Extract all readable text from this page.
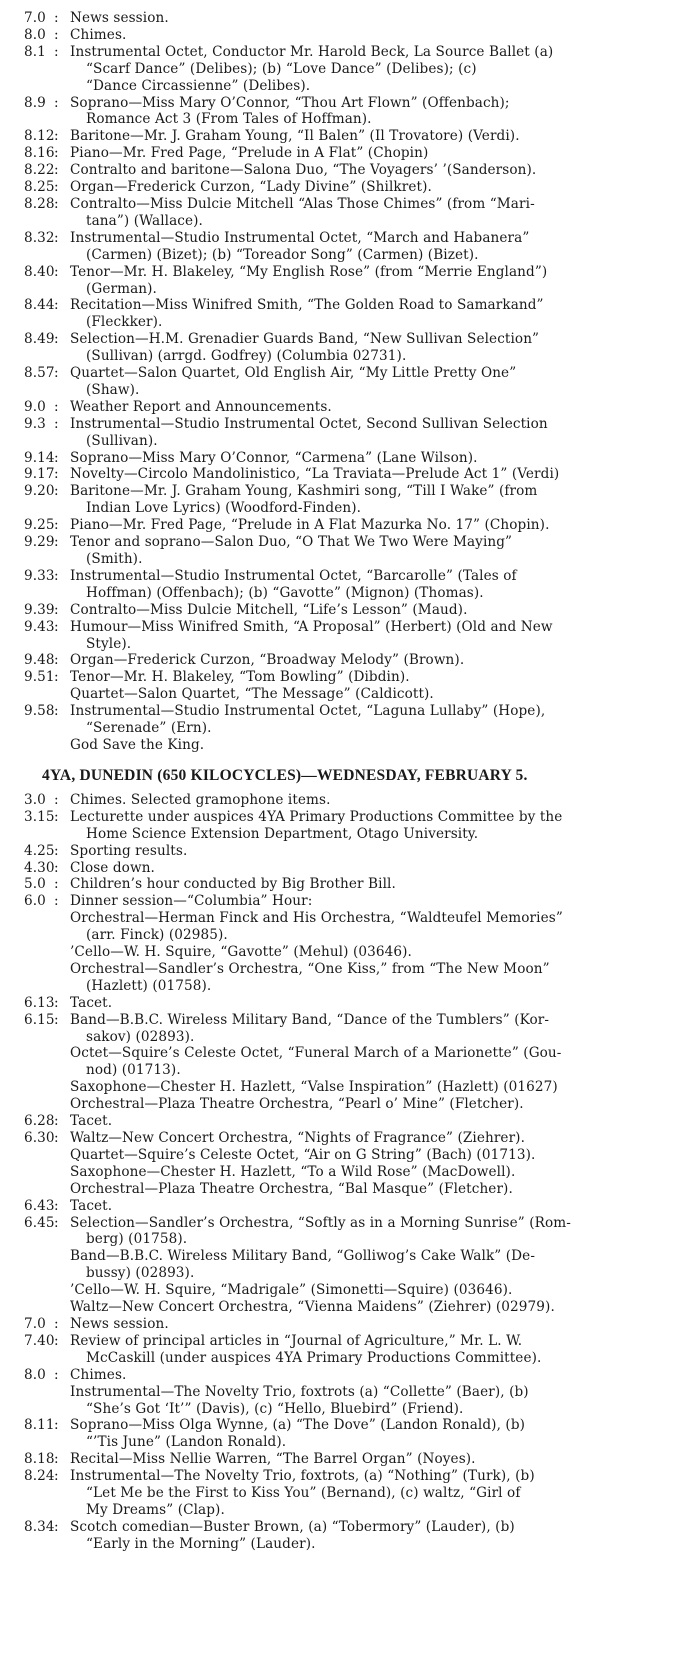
7.0 : News session.
8.0 : Chimes.
8.1 : Instrumental Octet, Conductor Mr. Harold Beck, La Source Ballet (a)
“Scarf Dance” (Delibes); (b) “Love Dance” (Delibes); (c)
“Dance Circassienne” (Delibes).
8.9 : Soprano—Miss Mary O’Connor, “Thou Art Flown” (Offenbach);
Romance Act 3 (From Tales of Hoffman).
8.12 : Baritone—Mr. J. Graham Young, “Il Balen” (Il Trovatore) (Verdi).
8.16 : Piano—Mr. Fred Page, “Prelude in A Flat” (Chopin)
8.22 : Contralto and baritone—Salona Duo, “The Voyagers’ ’(Sanderson).
8.25 : Organ—Frederick Curzon, “Lady Divine” (Shilkret).
8.28 : Contralto—Miss Dulcie Mitchell “Alas Those Chimes” (from “Mari-
tana”) (Wallace).
8.32 : Instrumental—Studio Instrumental Octet, “March and Habanera”
(Carmen) (Bizet); (b) “Toreador Song” (Carmen) (Bizet).
8.40 : Tenor—Mr. H. Blakeley, “My English Rose” (from “Merrie England”)
(German).
8.44 : Recitation—Miss Winifred Smith, “The Golden Road to Samarkand”
(Fleckker).
8.49 : Selection—H.M. Grenadier Guards Band, “New Sullivan Selection”
(Sullivan) (arrgd. Godfrey) (Columbia 02731).
8.57 : Quartet—Salon Quartet, Old English Air, “My Little Pretty One”
(Shaw).
9.0 : Weather Report and Announcements.
9.3 : Instrumental—Studio Instrumental Octet, Second Sullivan Selection
(Sullivan).
9.14 : Soprano—Miss Mary O’Connor, “Carmena” (Lane Wilson).
9.17 : Novelty—Circolo Mandolinistico, “La Traviata—Prelude Act 1” (Verdi)
9.20 : Baritone—Mr. J. Graham Young, Kashmiri song, “Till I Wake” (from
Indian Love Lyrics) (Woodford-Finden).
9.25 : Piano—Mr. Fred Page, “Prelude in A Flat Mazurka No. 17” (Chopin).
9.29 : Tenor and soprano—Salon Duo, “O That We Two Were Maying”
(Smith).
9.33 : Instrumental—Studio Instrumental Octet, “Barcarolle” (Tales of
Hoffman) (Offenbach); (b) “Gavotte” (Mignon) (Thomas).
9.39 : Contralto—Miss Dulcie Mitchell, “Life’s Lesson” (Maud).
9.43 : Humour—Miss Winifred Smith, “A Proposal” (Herbert) (Old and New
Style).
9.48 : Organ—Frederick Curzon, “Broadway Melody” (Brown).
9.51 : Tenor—Mr. H. Blakeley, “Tom Bowling” (Dibdin).
Quartet—Salon Quartet, “The Message” (Caldicott).
9.58 : Instrumental—Studio Instrumental Octet, “Laguna Lullaby” (Hope),
“Serenade” (Ern).
God Save the King.
4YA, DUNEDIN (650 KILOCYCLES)—WEDNESDAY, FEBRUARY 5.
3.0 : Chimes. Selected gramophone items.
3.15 : Lecturette under auspices 4YA Primary Productions Committee by the
Home Science Extension Department, Otago University.
4.25 : Sporting results.
4.30 : Close down.
5.0 : Children’s hour conducted by Big Brother Bill.
6.0 : Dinner session—“Columbia” Hour:
Orchestral—Herman Finck and His Orchestra, “Waldteufel Memories”
(arr. Finck) (02985).
’Cello—W. H. Squire, “Gavotte” (Mehul) (03646).
Orchestral—Sandler’s Orchestra, “One Kiss,” from “The New Moon”
(Hazlett) (01758).
6.13 : Tacet.
6.15 : Band—B.B.C. Wireless Military Band, “Dance of the Tumblers” (Kor-
sakov) (02893).
Octet—Squire’s Celeste Octet, “Funeral March of a Marionette” (Gou-
nod) (01713).
Saxophone—Chester H. Hazlett, “Valse Inspiration” (Hazlett) (01627)
Orchestral—Plaza Theatre Orchestra, “Pearl o’ Mine” (Fletcher).
6.28 : Tacet.
6.30 : Waltz—New Concert Orchestra, “Nights of Fragrance” (Ziehrer).
Quartet—Squire’s Celeste Octet, “Air on G String” (Bach) (01713).
Saxophone—Chester H. Hazlett, “To a Wild Rose” (MacDowell).
Orchestral—Plaza Theatre Orchestra, “Bal Masque” (Fletcher).
6.43 : Tacet.
6.45 : Selection—Sandler’s Orchestra, “Softly as in a Morning Sunrise” (Rom-
berg) (01758).
Band—B.B.C. Wireless Military Band, “Golliwog’s Cake Walk” (De-
bussy) (02893).
’Cello—W. H. Squire, “Madrigale” (Simonetti—Squire) (03646).
Waltz—New Concert Orchestra, “Vienna Maidens” (Ziehrer) (02979).
7.0 : News session.
7.40 : Review of principal articles in “Journal of Agriculture,” Mr. L. W.
McCaskill (under auspices 4YA Primary Productions Committee).
8.0 : Chimes.
Instrumental—The Novelty Trio, foxtrots (a) “Collette” (Baer), (b)
“She’s Got ‘It’” (Davis), (c) “Hello, Bluebird” (Friend).
8.11 : Soprano—Miss Olga Wynne, (a) “The Dove” (Landon Ronald), (b)
“’Tis June” (Landon Ronald).
8.18 : Recital—Miss Nellie Warren, “The Barrel Organ” (Noyes).
8.24 : Instrumental—The Novelty Trio, foxtrots, (a) “Nothing” (Turk), (b)
“Let Me be the First to Kiss You” (Bernand), (c) waltz, “Girl of
My Dreams” (Clap).
8.34 : Scotch comedian—Buster Brown, (a) “Tobermory” (Lauder), (b)
“Early in the Morning” (Lauder).
